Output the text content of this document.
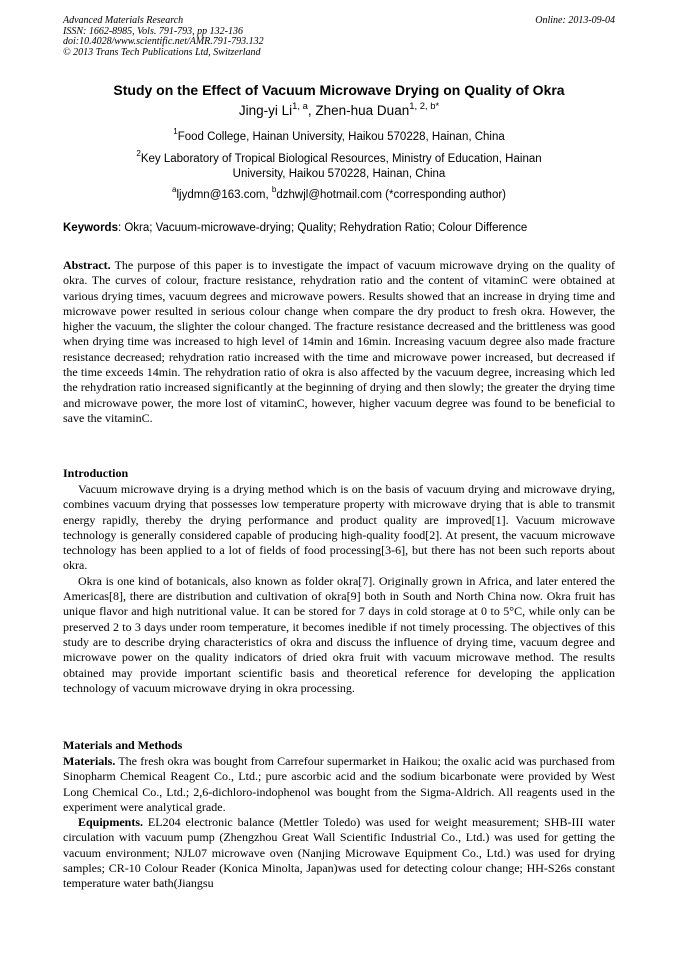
Advanced Materials Research
ISSN: 1662-8985, Vols. 791-793, pp 132-136
doi:10.4028/www.scientific.net/AMR.791-793.132
© 2013 Trans Tech Publications Ltd, Switzerland
Online: 2013-09-04
Study on the Effect of Vacuum Microwave Drying on Quality of Okra
Jing-yi Li$^{1, a}$, Zhen-hua Duan$^{1, 2, b*}$
$^1$Food College, Hainan University, Haikou 570228, Hainan, China
$^2$Key Laboratory of Tropical Biological Resources, Ministry of Education, Hainan
University, Haikou 570228, Hainan, China
$^a$ljydmn@163.com, $^b$dzhwjl@hotmail.com (*corresponding author)
Keywords: Okra; Vacuum-microwave-drying; Quality; Rehydration Ratio; Colour Difference

Abstract. The purpose of this paper is to investigate the impact of vacuum microwave drying on the quality of okra. The curves of colour, fracture resistance, rehydration ratio and the content of vitaminC were obtained at various drying times, vacuum degrees and microwave powers. Results showed that an increase in drying time and microwave power resulted in serious colour change when compare the dry product to fresh okra. However, the higher the vacuum, the slighter the colour changed. The fracture resistance decreased and the brittleness was good when drying time was increased to high level of 14min and 16min. Increasing vacuum degree also made fracture resistance decreased; rehydration ratio increased with the time and microwave power increased, but decreased if the time exceeds 14min. The rehydration ratio of okra is also affected by the vacuum degree, increasing which led the rehydration ratio increased significantly at the beginning of drying and then slowly; the greater the drying time and microwave power, the more lost of vitaminC, however, higher vacuum degree was found to be beneficial to save the vitaminC.

Introduction

Vacuum microwave drying is a drying method which is on the basis of vacuum drying and microwave drying, combines vacuum drying that possesses low temperature property with microwave drying that is able to transmit energy rapidly, thereby the drying performance and product quality are improved[1]. Vacuum microwave technology is generally considered capable of producing high-quality food[2]. At present, the vacuum microwave technology has been applied to a lot of fields of food processing[3-6], but there has not been such reports about okra.

Okra is one kind of botanicals, also known as folder okra[7]. Originally grown in Africa, and later entered the Americas[8], there are distribution and cultivation of okra[9] both in South and North China now. Okra fruit has unique flavor and high nutritional value. It can be stored for 7 days in cold storage at 0 to 5°C, while only can be preserved 2 to 3 days under room temperature, it becomes inedible if not timely processing. The objectives of this study are to describe drying characteristics of okra and discuss the influence of drying time, vacuum degree and microwave power on the quality indicators of dried okra fruit with vacuum microwave method. The results obtained may provide important scientific basis and theoretical reference for developing the application technology of vacuum microwave drying in okra processing.

Materials and Methods

Materials. The fresh okra was bought from Carrefour supermarket in Haikou; the oxalic acid was purchased from Sinopharm Chemical Reagent Co., Ltd.; pure ascorbic acid and the sodium bicarbonate were provided by West Long Chemical Co., Ltd.; 2,6-dichloro-indophenol was bought from the Sigma-Aldrich. All reagents used in the experiment were analytical grade.

Equipments. EL204 electronic balance (Mettler Toledo) was used for weight measurement; SHB-III water circulation with vacuum pump (Zhengzhou Great Wall Scientific Industrial Co., Ltd.) was used for getting the vacuum environment; NJL07 microwave oven (Nanjing Microwave Equipment Co., Ltd.) was used for drying samples; CR-10 Colour Reader (Konica Minolta, Japan)was used for detecting colour change; HH-S26s constant temperature water bath(Jiangsu
